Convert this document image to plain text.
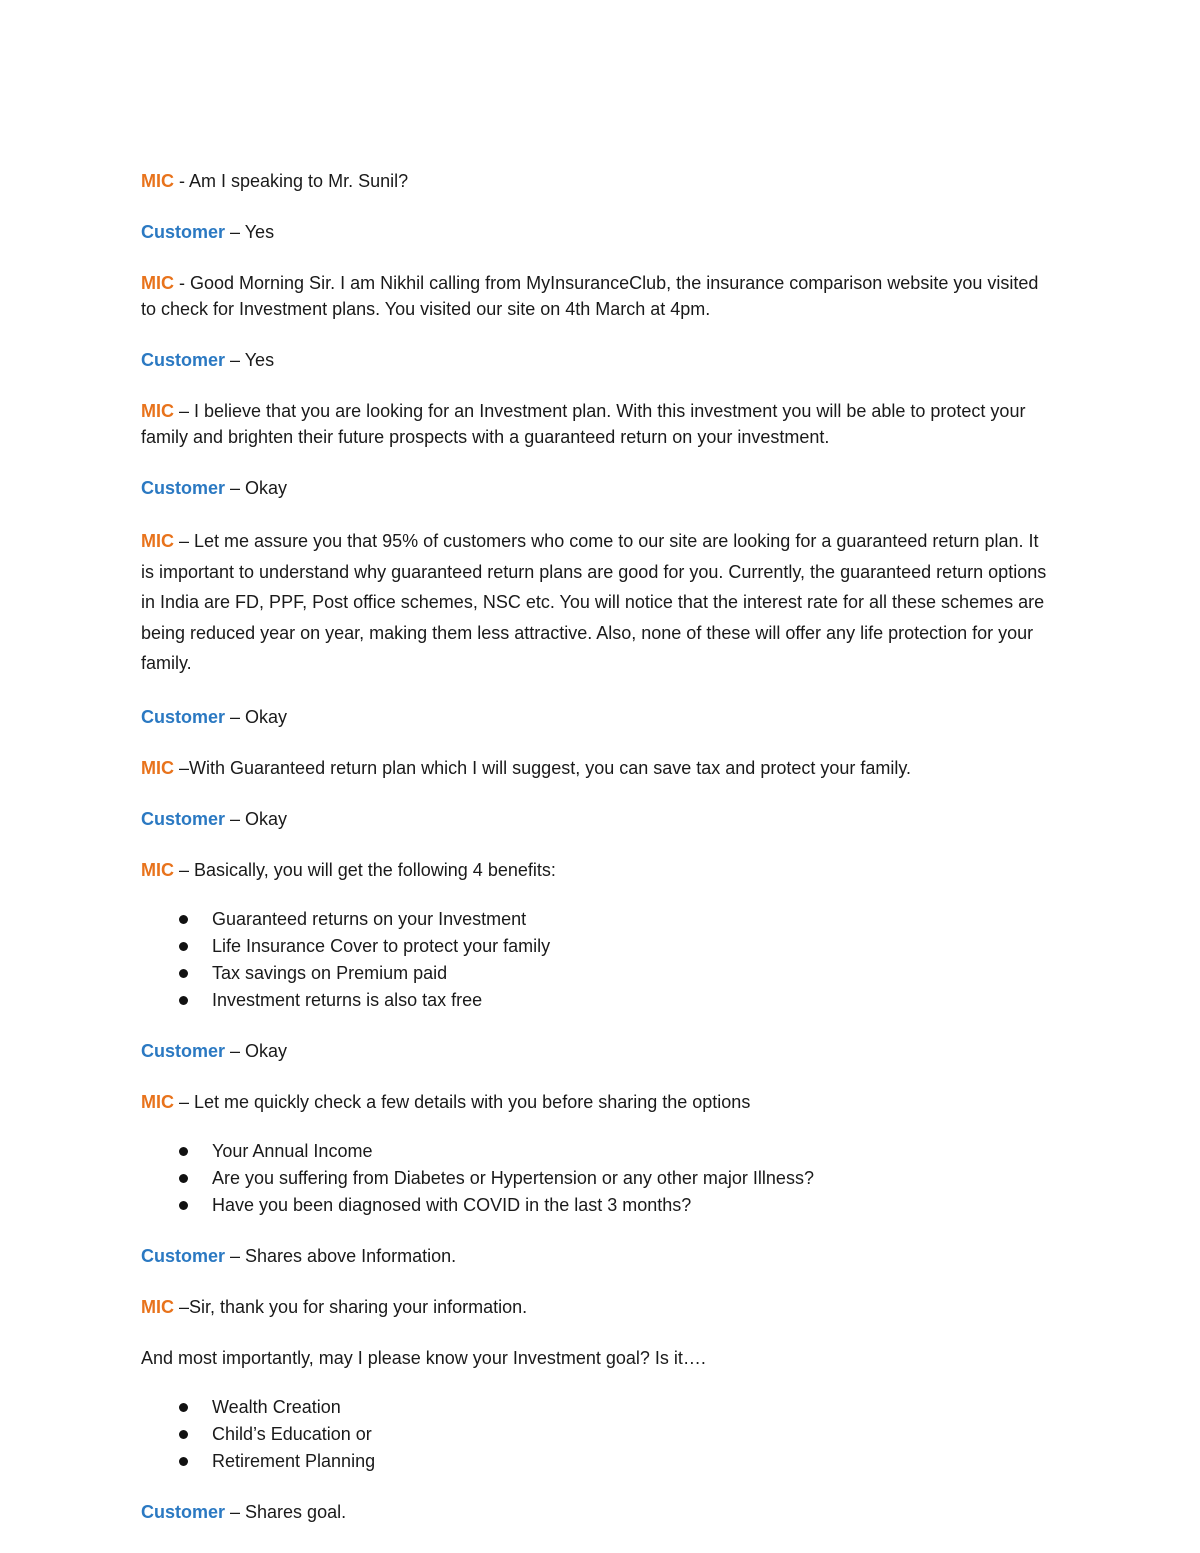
MIC - Am I speaking to Mr. Sunil?

Customer – Yes

MIC - Good Morning Sir. I am Nikhil calling from MyInsuranceClub, the insurance comparison website you visited to check for Investment plans. You visited our site on 4th March at 4pm.

Customer – Yes

MIC – I believe that you are looking for an Investment plan. With this investment you will be able to protect your family and brighten their future prospects with a guaranteed return on your investment.

Customer – Okay

MIC – Let me assure you that 95% of customers who come to our site are looking for a guaranteed return plan. It is important to understand why guaranteed return plans are good for you. Currently, the guaranteed return options in India are FD, PPF, Post office schemes, NSC etc. You will notice that the interest rate for all these schemes are being reduced year on year, making them less attractive. Also, none of these will offer any life protection for your family.

Customer – Okay

MIC –With Guaranteed return plan which I will suggest, you can save tax and protect your family.

Customer – Okay

MIC – Basically, you will get the following 4 benefits:

Guaranteed returns on your Investment
Life Insurance Cover to protect your family
Tax savings on Premium paid
Investment returns is also tax free

Customer – Okay

MIC – Let me quickly check a few details with you before sharing the options

Your Annual Income
Are you suffering from Diabetes or Hypertension or any other major Illness?
Have you been diagnosed with COVID in the last 3 months?

Customer – Shares above Information.

MIC –Sir, thank you for sharing your information.

And most importantly, may I please know your Investment goal? Is it….

Wealth Creation
Child’s Education or
Retirement Planning

Customer – Shares goal.
